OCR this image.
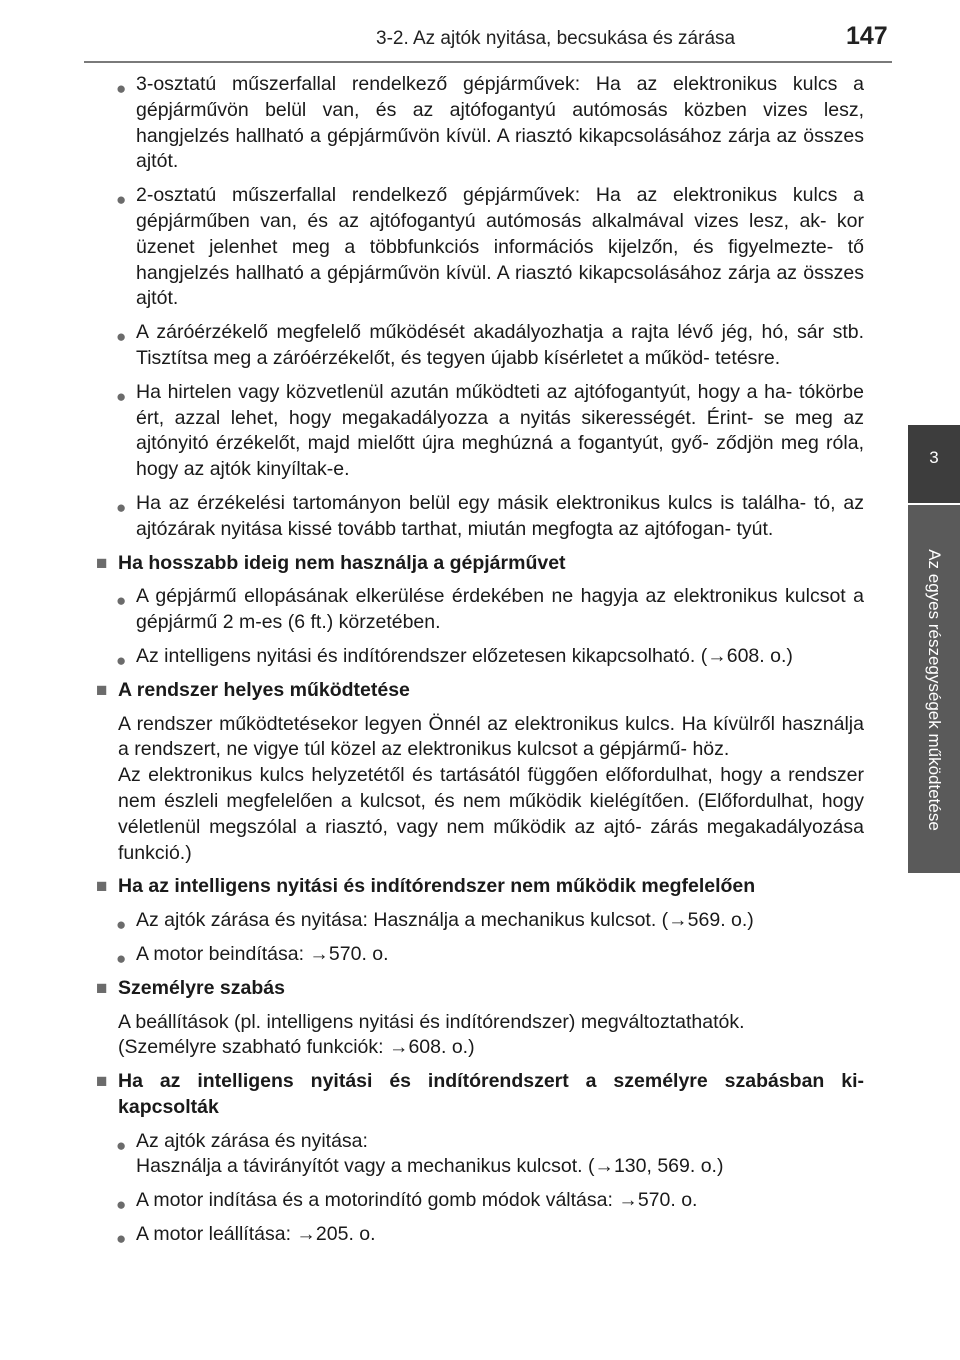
3-2. Az ajtók nyitása, becsukása és zárása	147
3
Az egyes részegységek működtetése
● 3-osztatú műszerfallal rendelkező gépjárművek: Ha az elektronikus kulcs a gépjárművön belül van, és az ajtófogantyú autómosás közben vizes lesz, hangjelzés hallható a gépjárművön kívül. A riasztó kikapcsolásához zárja az összes ajtót.
● 2-osztatú műszerfallal rendelkező gépjárművek: Ha az elektronikus kulcs a gépjárműben van, és az ajtófogantyú autómosás alkalmával vizes lesz, ak- kor üzenet jelenhet meg a többfunkciós információs kijelzőn, és figyelmezte- tő hangjelzés hallható a gépjárművön kívül. A riasztó kikapcsolásához zárja az összes ajtót.
● A záróérzékelő megfelelő működését akadályozhatja a rajta lévő jég, hó, sár stb. Tisztítsa meg a záróérzékelőt, és tegyen újabb kísérletet a működ- tetésre.
● Ha hirtelen vagy közvetlenül azután működteti az ajtófogantyút, hogy a ha- tókörbe ért, azzal lehet, hogy megakadályozza a nyitás sikerességét. Érint- se meg az ajtónyitó érzékelőt, majd mielőtt újra meghúzná a fogantyút, győ- ződjön meg róla, hogy az ajtók kinyíltak-e.
● Ha az érzékelési tartományon belül egy másik elektronikus kulcs is találha- tó, az ajtózárak nyitása kissé tovább tarthat, miután megfogta az ajtófogan- tyút.
■ Ha hosszabb ideig nem használja a gépjárművet
● A gépjármű ellopásának elkerülése érdekében ne hagyja az elektronikus kulcsot a gépjármű 2 m-es (6 ft.) körzetében.
● Az intelligens nyitási és indítórendszer előzetesen kikapcsolható. (→608. o.)
■ A rendszer helyes működtetése
A rendszer működtetésekor legyen Önnél az elektronikus kulcs. Ha kívülről használja a rendszert, ne vigye túl közel az elektronikus kulcsot a gépjármű- höz.
Az elektronikus kulcs helyzetétől és tartásától függően előfordulhat, hogy a rendszer nem észleli megfelelően a kulcsot, és nem működik kielégítően. (Előfordulhat, hogy véletlenül megszólal a riasztó, vagy nem működik az ajtó- zárás megakadályozása funkció.)
■ Ha az intelligens nyitási és indítórendszer nem működik megfelelően
● Az ajtók zárása és nyitása: Használja a mechanikus kulcsot. (→569. o.)
● A motor beindítása: →570. o.
■ Személyre szabás
A beállítások (pl. intelligens nyitási és indítórendszer) megváltoztathatók.
(Személyre szabható funkciók: →608. o.)
■ Ha az intelligens nyitási és indítórendszert a személyre szabásban ki- kapcsolták
● Az ajtók zárása és nyitása:
Használja a távirányítót vagy a mechanikus kulcsot. (→130, 569. o.)
● A motor indítása és a motorindító gomb módok váltása: →570. o.
● A motor leállítása: →205. o.
